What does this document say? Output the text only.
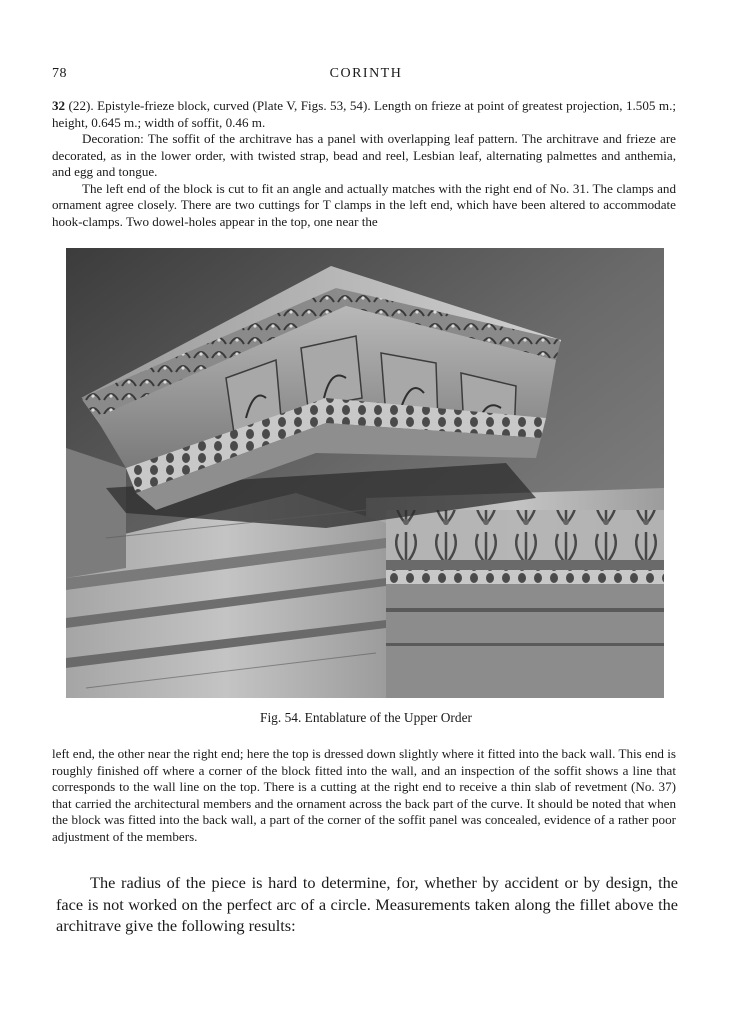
78	CORINTH

32 (22). Epistyle-frieze block, curved (Plate V, Figs. 53, 54). Length on frieze at point of greatest projection, 1.505 m.; height, 0.645 m.; width of soffit, 0.46 m.

Decoration: The soffit of the architrave has a panel with overlapping leaf pattern. The architrave and frieze are decorated, as in the lower order, with twisted strap, bead and reel, Lesbian leaf, alternating palmettes and anthemia, and egg and tongue.

The left end of the block is cut to fit an angle and actually matches with the right end of No. 31. The clamps and ornament agree closely. There are two cuttings for T clamps in the left end, which have been altered to accommodate hook-clamps. Two dowel-holes appear in the top, one near the

Fig. 54. Entablature of the Upper Order

left end, the other near the right end; here the top is dressed down slightly where it fitted into the back wall. This end is roughly finished off where a corner of the block fitted into the wall, and an inspection of the soffit shows a line that corresponds to the wall line on the top. There is a cutting at the right end to receive a thin slab of revetment (No. 37) that carried the architectural members and the ornament across the back part of the curve. It should be noted that when the block was fitted into the back wall, a part of the corner of the soffit panel was concealed, evidence of a rather poor adjustment of the members.

The radius of the piece is hard to determine, for, whether by accident or by design, the face is not worked on the perfect arc of a circle. Measurements taken along the fillet above the architrave give the following results:
